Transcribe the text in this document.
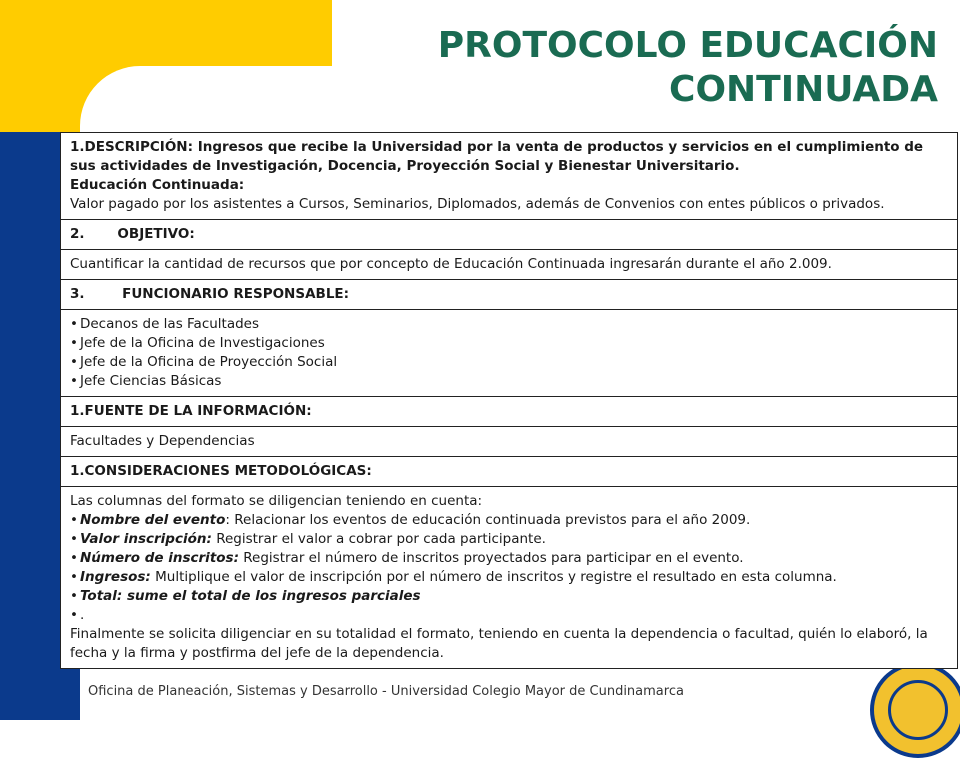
PROTOCOLO EDUCACIÓN
CONTINUADA
Oficina de Planeación, Sistemas y Desarrollo - Universidad Colegio Mayor de Cundinamarca
1.DESCRIPCIÓN: Ingresos que recibe la Universidad por la venta de productos y servicios en el cumplimiento de sus actividades de Investigación, Docencia, Proyección Social y Bienestar Universitario.
Educación Continuada:
Valor pagado por los asistentes a Cursos, Seminarios, Diplomados, además de Convenios con entes públicos o privados.

2.       OBJETIVO:
Cuantificar la cantidad de recursos que por concepto de Educación Continuada ingresarán durante el año 2.009.
3.        FUNCIONARIO RESPONSABLE:

• Decanos de las Facultades
• Jefe de la Oficina de Investigaciones
• Jefe de la Oficina de Proyección Social
• Jefe Ciencias Básicas

1.FUENTE DE LA INFORMACIÓN:
Facultades y Dependencias
1.CONSIDERACIONES METODOLÓGICAS:

Las columnas del formato se diligencian teniendo en cuenta:
• Nombre del evento: Relacionar los eventos de educación continuada previstos para el año 2009.
• Valor inscripción: Registrar el valor a cobrar por cada participante.
• Número de inscritos: Registrar el número de inscritos proyectados para participar en el evento.
• Ingresos: Multiplique el valor de inscripción por el número de inscritos y registre el resultado en esta columna.
• Total: sume el total de los ingresos parciales
• .
Finalmente se solicita diligenciar en su totalidad el formato, teniendo en cuenta la dependencia o facultad, quién lo elaboró, la fecha y la firma y postfirma del jefe de la dependencia.
